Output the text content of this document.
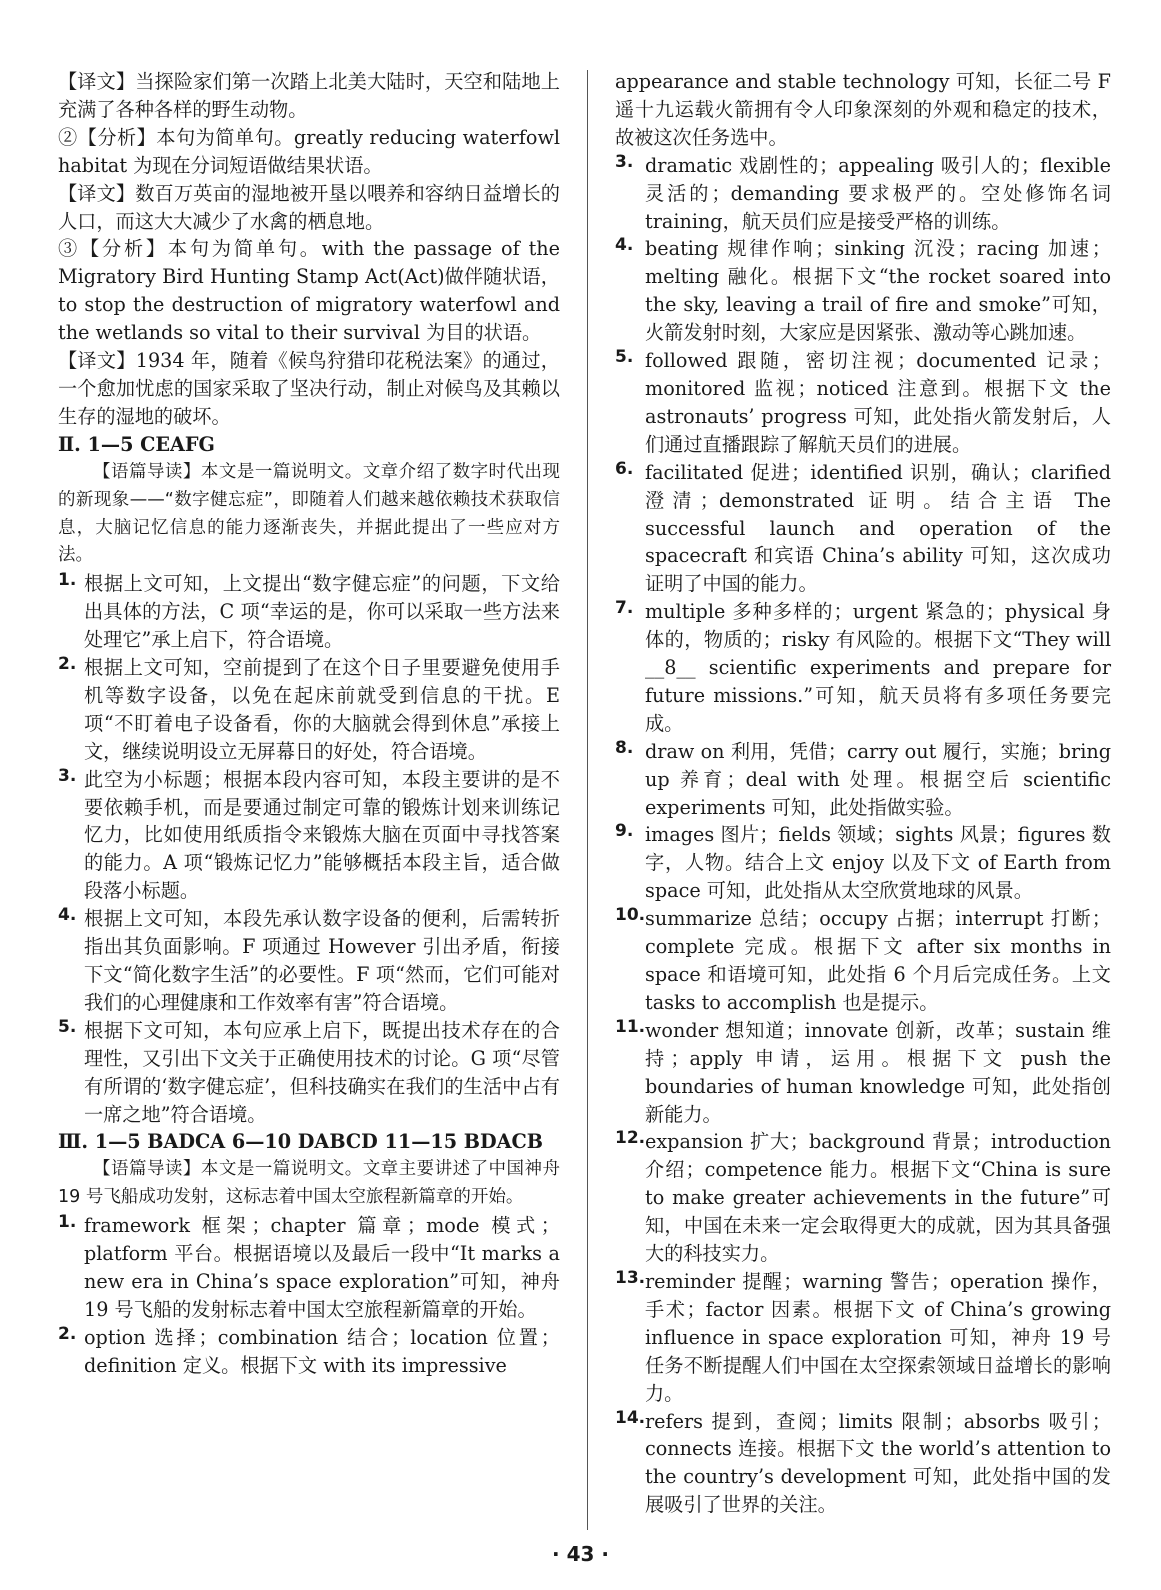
【译文】当探险家们第一次踏上北美大陆时，天空和陆地上充满了各种各样的野生动物。

②【分析】本句为简单句。greatly reducing waterfowl habitat 为现在分词短语做结果状语。

【译文】数百万英亩的湿地被开垦以喂养和容纳日益增长的人口，而这大大减少了水禽的栖息地。

③【分析】本句为简单句。with the passage of the Migratory Bird Hunting Stamp Act(Act)做伴随状语，to stop the destruction of migratory waterfowl and the wetlands so vital to their survival 为目的状语。

【译文】1934 年，随着《候鸟狩猎印花税法案》的通过，一个愈加忧虑的国家采取了坚决行动，制止对候鸟及其赖以生存的湿地的破坏。

Ⅱ. 1—5 CEAFG

【语篇导读】本文是一篇说明文。文章介绍了数字时代出现的新现象——“数字健忘症”，即随着人们越来越依赖技术获取信息，大脑记忆信息的能力逐渐丧失，并据此提出了一些应对方法。

1. 根据上文可知，上文提出“数字健忘症”的问题，下文给出具体的方法，C 项“幸运的是，你可以采取一些方法来处理它”承上启下，符合语境。

2. 根据上文可知，空前提到了在这个日子里要避免使用手机等数字设备，以免在起床前就受到信息的干扰。E 项“不盯着电子设备看，你的大脑就会得到休息”承接上文，继续说明设立无屏幕日的好处，符合语境。

3. 此空为小标题；根据本段内容可知，本段主要讲的是不要依赖手机，而是要通过制定可靠的锻炼计划来训练记忆力，比如使用纸质指令来锻炼大脑在页面中寻找答案的能力。A 项“锻炼记忆力”能够概括本段主旨，适合做段落小标题。

4. 根据上文可知，本段先承认数字设备的便利，后需转折指出其负面影响。F 项通过 However 引出矛盾，衔接下文“简化数字生活”的必要性。F 项“然而，它们可能对我们的心理健康和工作效率有害”符合语境。

5. 根据下文可知，本句应承上启下，既提出技术存在的合理性，又引出下文关于正确使用技术的讨论。G 项“尽管有所谓的‘数字健忘症’，但科技确实在我们的生活中占有一席之地”符合语境。

Ⅲ. 1—5 BADCA 6—10 DABCD 11—15 BDACB

【语篇导读】本文是一篇说明文。文章主要讲述了中国神舟 19 号飞船成功发射，这标志着中国太空旅程新篇章的开始。

1. framework 框架；chapter 篇章；mode 模式；platform 平台。根据语境以及最后一段中“It marks a new era in China’s space exploration”可知，神舟 19 号飞船的发射标志着中国太空旅程新篇章的开始。

2. option 选择；combination 结合；location 位置；definition 定义。根据下文 with its impressive

appearance and stable technology 可知，长征二号 F 遥十九运载火箭拥有令人印象深刻的外观和稳定的技术，故被这次任务选中。

3. dramatic 戏剧性的；appealing 吸引人的；flexible 灵活的；demanding 要求极严的。空处修饰名词 training，航天员们应是接受严格的训练。

4. beating 规律作响；sinking 沉没；racing 加速；melting 融化。根据下文“the rocket soared into the sky, leaving a trail of fire and smoke”可知，火箭发射时刻，大家应是因紧张、激动等心跳加速。

5. followed 跟随，密切注视；documented 记录；monitored 监视；noticed 注意到。根据下文 the astronauts’ progress 可知，此处指火箭发射后，人们通过直播跟踪了解航天员们的进展。

6. facilitated 促进；identified 识别，确认；clarified 澄清；demonstrated 证明。结合主语 The successful launch and operation of the spacecraft 和宾语 China’s ability 可知，这次成功证明了中国的能力。

7. multiple 多种多样的；urgent 紧急的；physical 身体的，物质的；risky 有风险的。根据下文“They will __8__ scientific experiments and prepare for future missions.”可知，航天员将有多项任务要完成。

8. draw on 利用，凭借；carry out 履行，实施；bring up 养育；deal with 处理。根据空后 scientific experiments 可知，此处指做实验。

9. images 图片；fields 领域；sights 风景；figures 数字，人物。结合上文 enjoy 以及下文 of Earth from space 可知，此处指从太空欣赏地球的风景。

10. summarize 总结；occupy 占据；interrupt 打断；complete 完成。根据下文 after six months in space 和语境可知，此处指 6 个月后完成任务。上文 tasks to accomplish 也是提示。

11. wonder 想知道；innovate 创新，改革；sustain 维持；apply 申请，运用。根据下文 push the boundaries of human knowledge 可知，此处指创新能力。

12. expansion 扩大；background 背景；introduction 介绍；competence 能力。根据下文“China is sure to make greater achievements in the future”可知，中国在未来一定会取得更大的成就，因为其具备强大的科技实力。

13. reminder 提醒；warning 警告；operation 操作，手术；factor 因素。根据下文 of China’s growing influence in space exploration 可知，神舟 19 号任务不断提醒人们中国在太空探索领域日益增长的影响力。

14. refers 提到，查阅；limits 限制；absorbs 吸引；connects 连接。根据下文 the world’s attention to the country’s development 可知，此处指中国的发展吸引了世界的关注。

· 43 ·
